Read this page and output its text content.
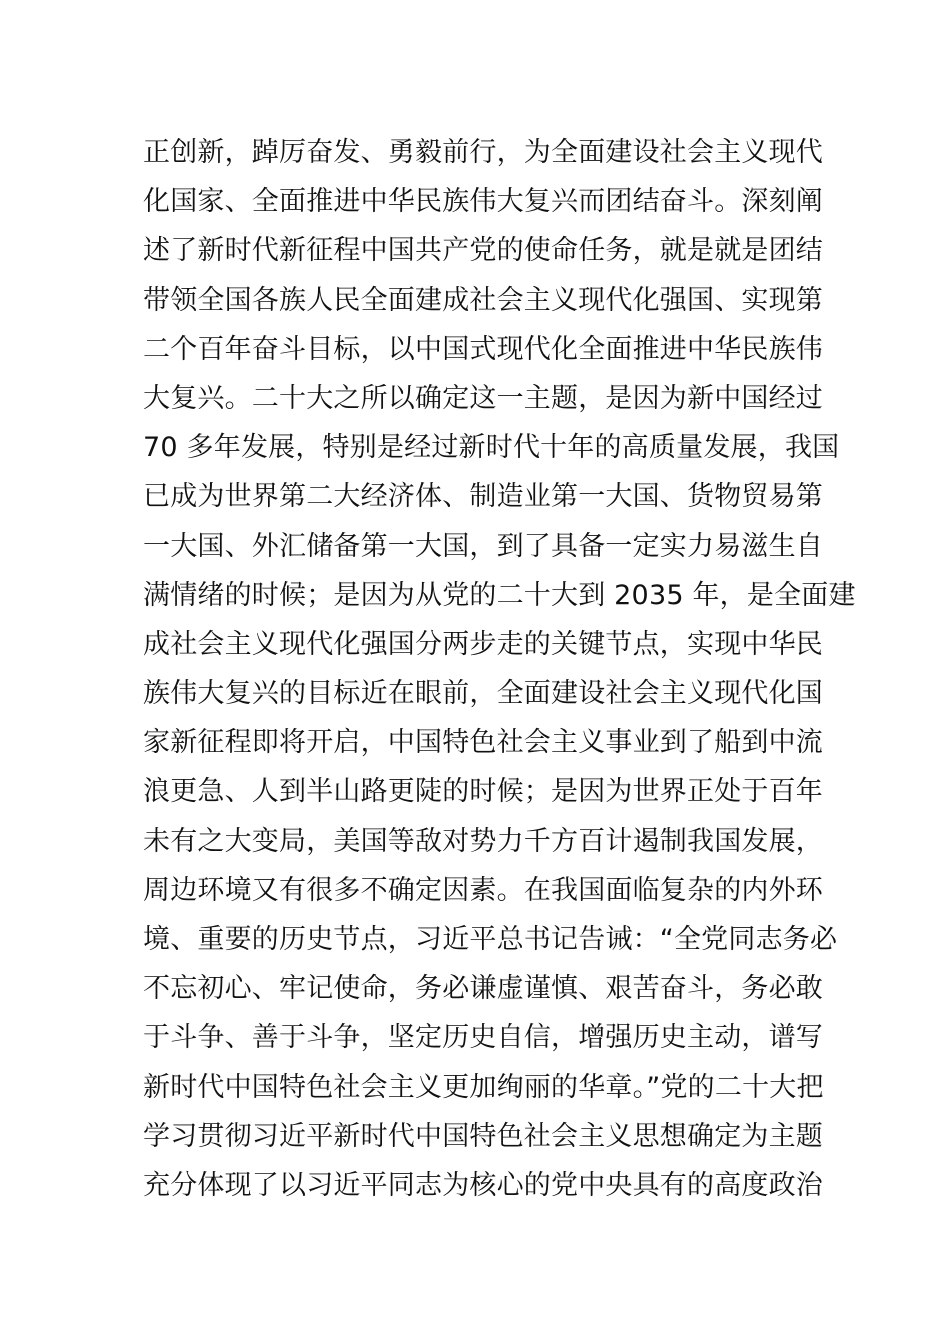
正创新，踔厉奋发、勇毅前行，为全面建设社会主义现代
化国家、全面推进中华民族伟大复兴而团结奋斗。深刻阐
述了新时代新征程中国共产党的使命任务，就是就是团结
带领全国各族人民全面建成社会主义现代化强国、实现第
二个百年奋斗目标，以中国式现代化全面推进中华民族伟
大复兴。二十大之所以确定这一主题，是因为新中国经过
70 多年发展，特别是经过新时代十年的高质量发展，我国
已成为世界第二大经济体、制造业第一大国、货物贸易第
一大国、外汇储备第一大国，到了具备一定实力易滋生自
满情绪的时候；是因为从党的二十大到 2035 年，是全面建
成社会主义现代化强国分两步走的关键节点，实现中华民
族伟大复兴的目标近在眼前，全面建设社会主义现代化国
家新征程即将开启，中国特色社会主义事业到了船到中流
浪更急、人到半山路更陡的时候；是因为世界正处于百年
未有之大变局，美国等敌对势力千方百计遏制我国发展，
周边环境又有很多不确定因素。在我国面临复杂的内外环
境、重要的历史节点，习近平总书记告诫：“全党同志务必
不忘初心、牢记使命，务必谦虚谨慎、艰苦奋斗，务必敢
于斗争、善于斗争，坚定历史自信，增强历史主动，谱写
新时代中国特色社会主义更加绚丽的华章。”党的二十大把
学习贯彻习近平新时代中国特色社会主义思想确定为主题
充分体现了以习近平同志为核心的党中央具有的高度政治
